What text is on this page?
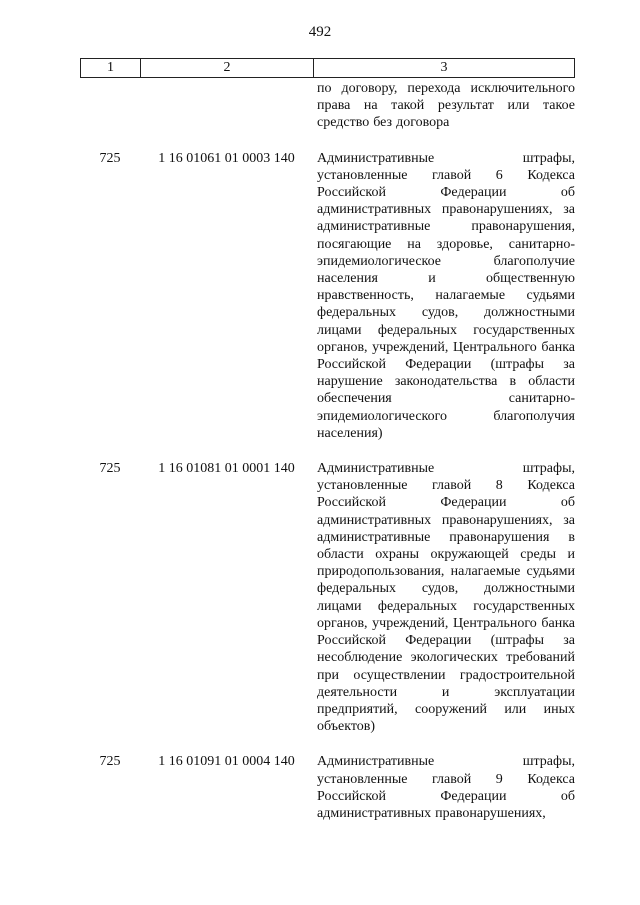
492
1	2	3
по договору, перехода исключительного права на такой результат или такое средство без договора
725	1 16 01061 01 0003 140	Административные штрафы, установленные главой 6 Кодекса Российской Федерации об административных правонарушениях, за административные правонарушения, посягающие на здоровье, санитарно-эпидемиологическое благополучие населения и общественную нравственность, налагаемые судьями федеральных судов, должностными лицами федеральных государственных органов, учреждений, Центрального банка Российской Федерации (штрафы за нарушение законодательства в области обеспечения санитарно-эпидемиологического благополучия населения)
725	1 16 01081 01 0001 140	Административные штрафы, установленные главой 8 Кодекса Российской Федерации об административных правонарушениях, за административные правонарушения в области охраны окружающей среды и природопользования, налагаемые судьями федеральных судов, должностными лицами федеральных государственных органов, учреждений, Центрального банка Российской Федерации (штрафы за несоблюдение экологических требований при осуществлении градостроительной деятельности и эксплуатации предприятий, сооружений или иных объектов)
725	1 16 01091 01 0004 140	Административные штрафы, установленные главой 9 Кодекса Российской Федерации об административных правонарушениях,
